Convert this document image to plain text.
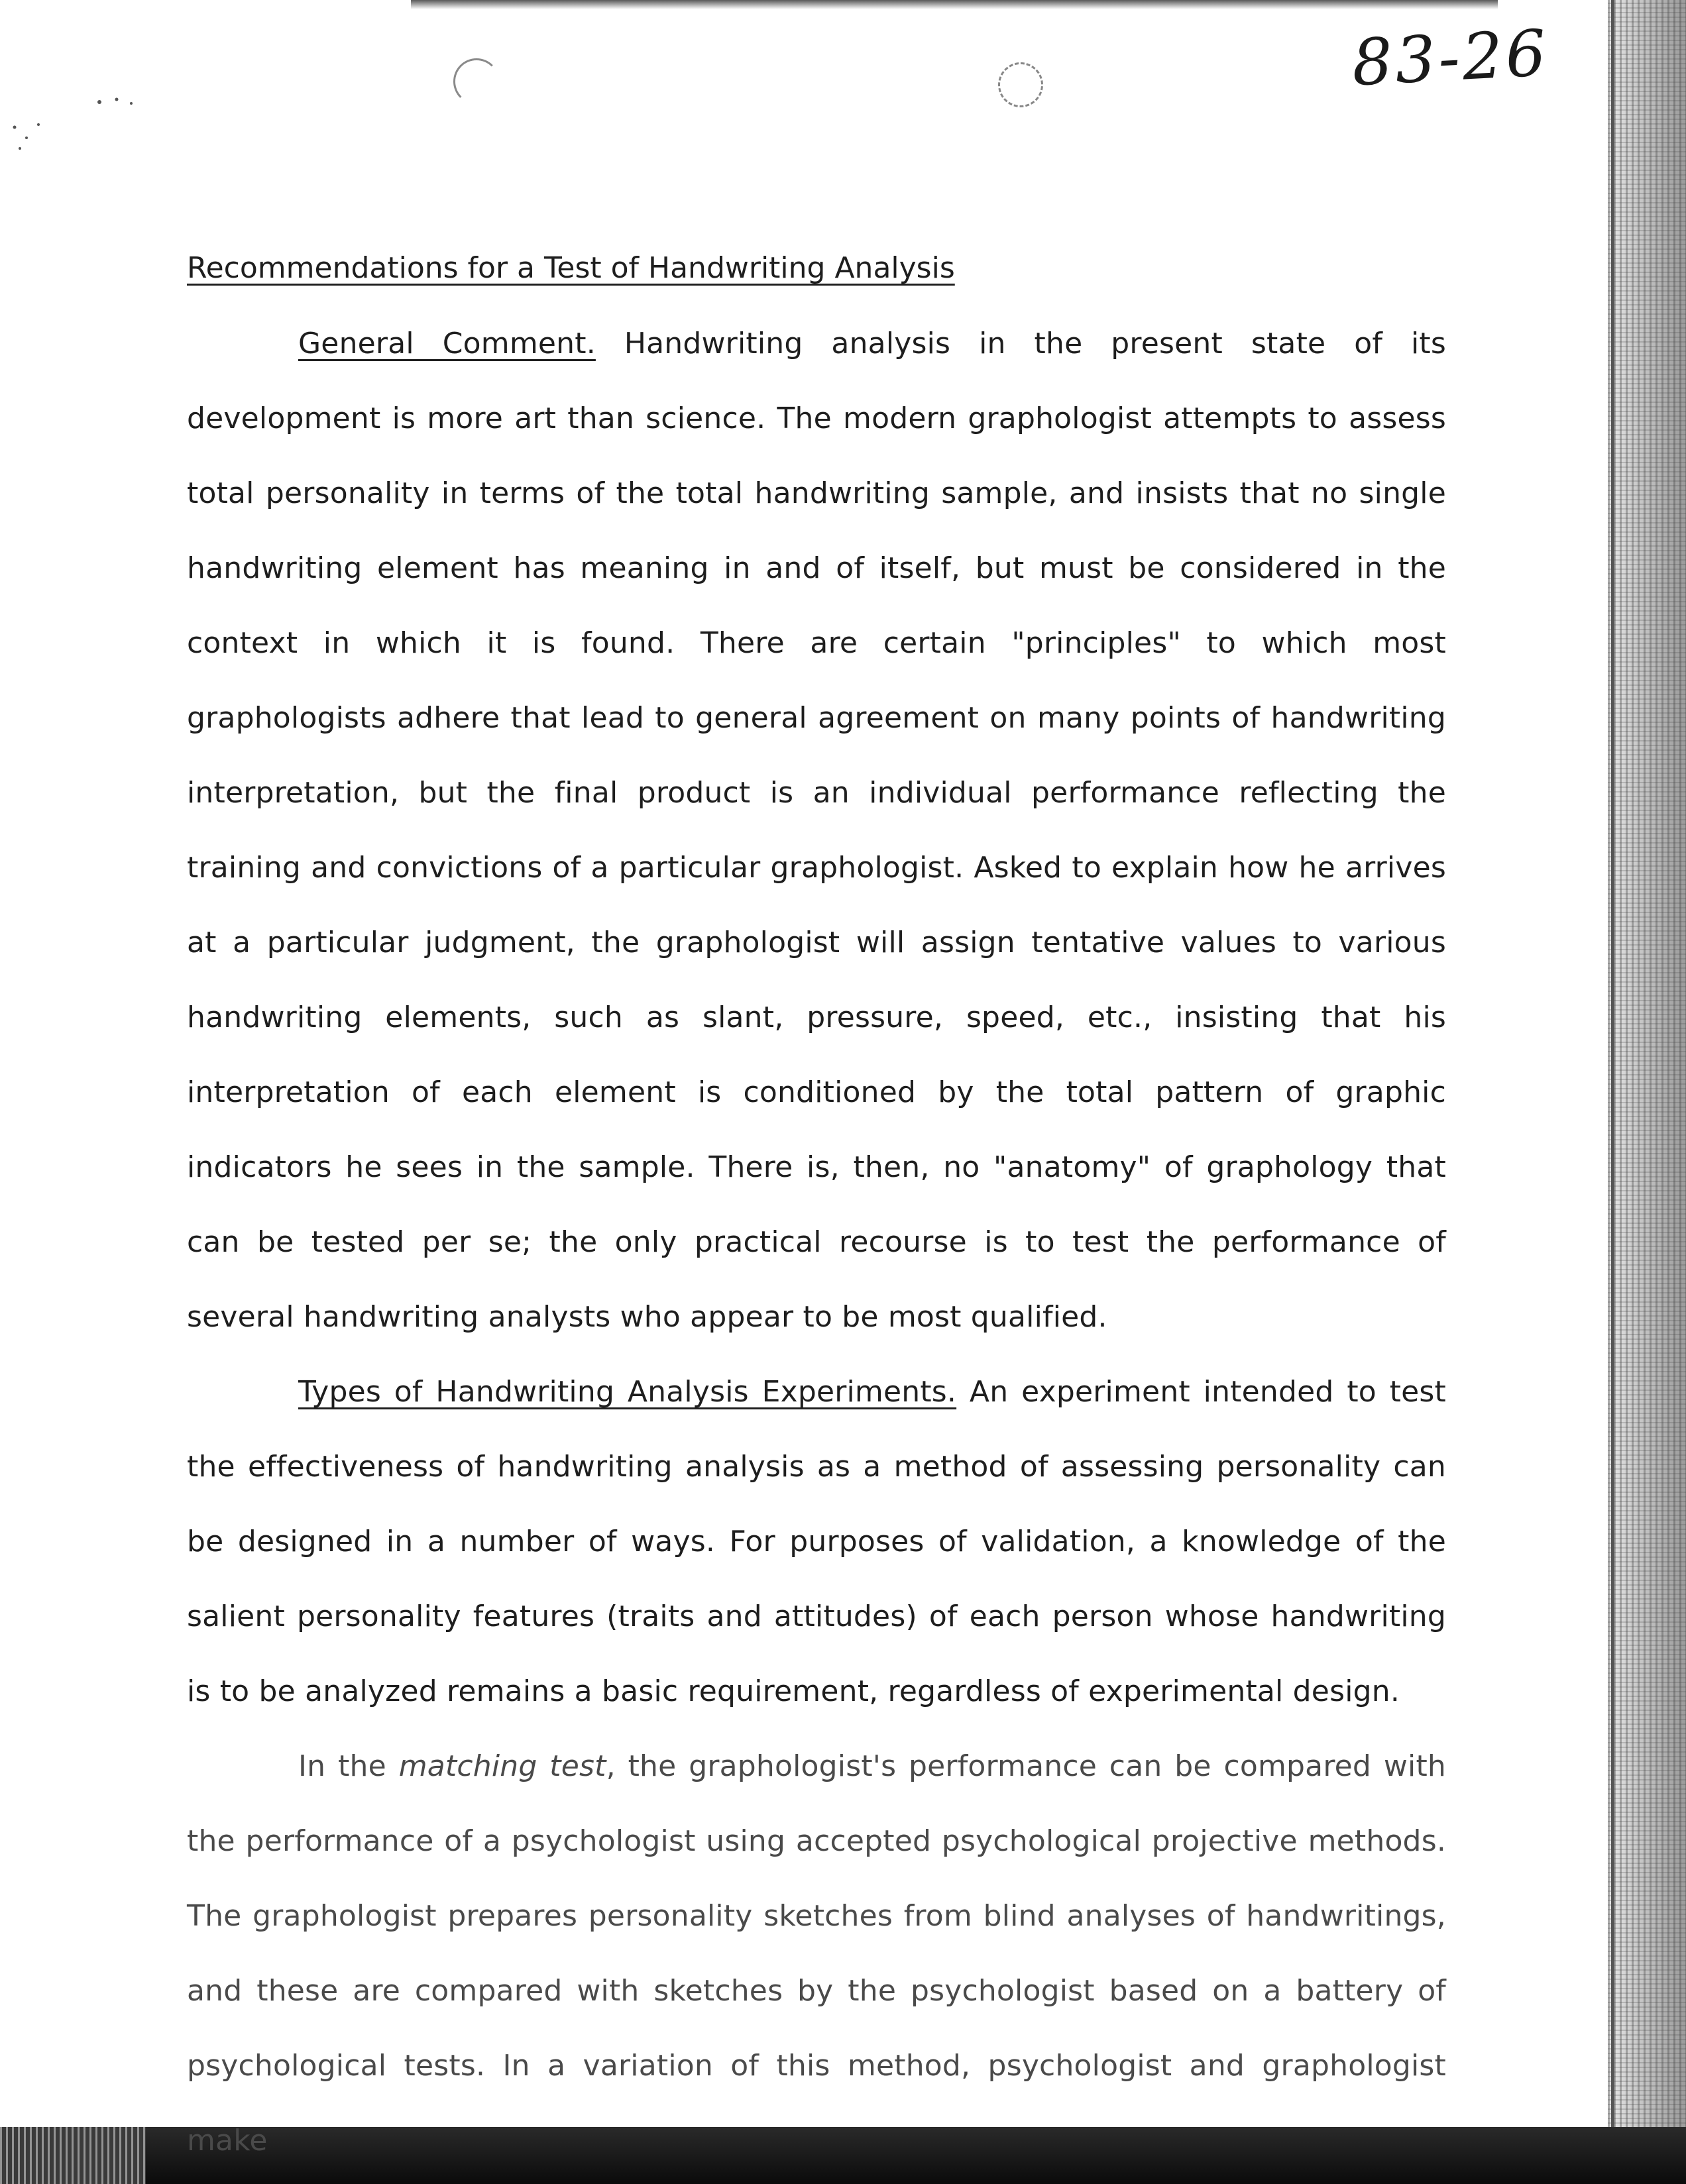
83-26
Recommendations for a Test of Handwriting Analysis

General Comment. Handwriting analysis in the present state of its development is more art than science. The modern graphologist attempts to assess total personality in terms of the total handwriting sample, and insists that no single handwriting element has meaning in and of itself, but must be considered in the context in which it is found. There are certain "principles" to which most graphologists adhere that lead to general agreement on many points of handwriting interpretation, but the final product is an individual performance reflecting the training and convictions of a particular graphologist. Asked to explain how he arrives at a particular judgment, the graphologist will assign tentative values to various handwriting elements, such as slant, pressure, speed, etc., insisting that his interpretation of each element is conditioned by the total pattern of graphic indicators he sees in the sample. There is, then, no "anatomy" of graphology that can be tested per se; the only practical recourse is to test the performance of several handwriting analysts who appear to be most qualified.

Types of Handwriting Analysis Experiments. An experiment intended to test the effectiveness of handwriting analysis as a method of assessing personality can be designed in a number of ways. For purposes of validation, a knowledge of the salient personality features (traits and attitudes) of each person whose handwriting is to be analyzed remains a basic requirement, regardless of experimental design.

In the matching test, the graphologist's performance can be compared with the performance of a psychologist using accepted psychological projective methods. The graphologist prepares personality sketches from blind analyses of handwritings, and these are compared with sketches by the psychologist based on a battery of psychological tests. In a variation of this method, psychologist and graphologist make
